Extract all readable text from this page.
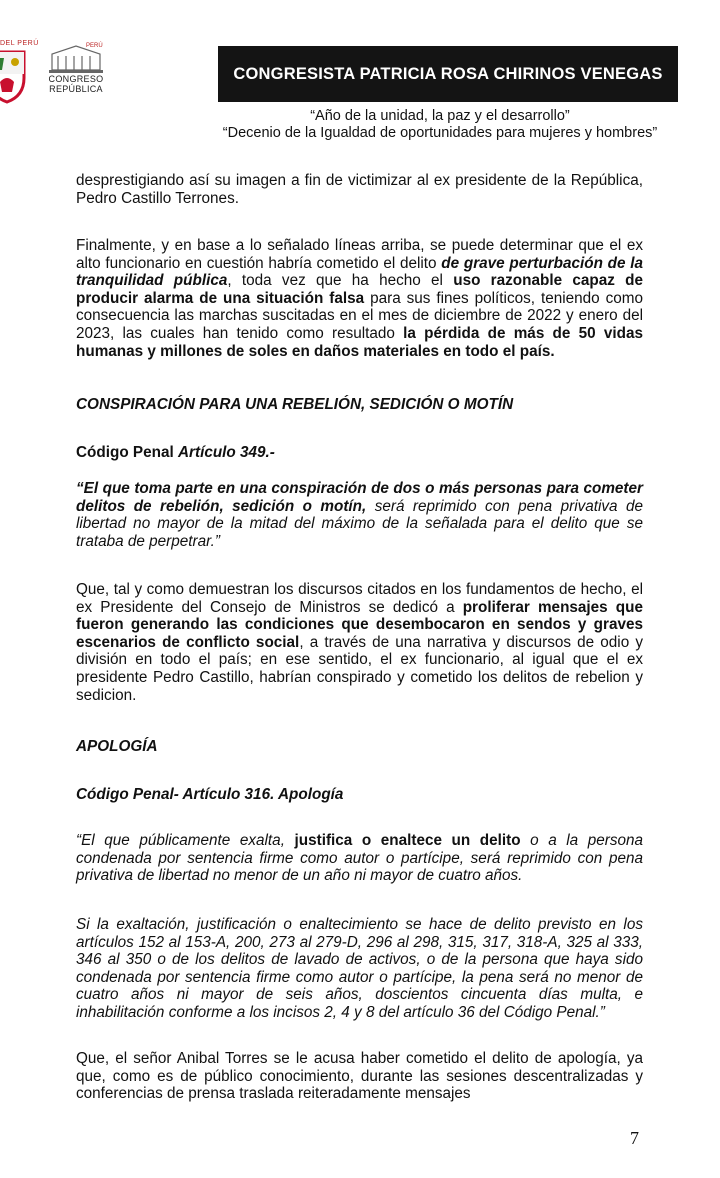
DEL PERÚ	PERÚ
CONGRESO
REPÚBLICA
CONGRESISTA PATRICIA ROSA CHIRINOS VENEGAS
“Año de la unidad, la paz y el desarrollo”
“Decenio de la Igualdad de oportunidades para mujeres y hombres”

desprestigiando así su imagen a fin de victimizar al ex presidente de la República, Pedro Castillo Terrones.

Finalmente, y en base a lo señalado líneas arriba, se puede determinar que el ex alto funcionario en cuestión habría cometido el delito de grave perturbación de la tranquilidad pública, toda vez que ha hecho el uso razonable capaz de producir alarma de una situación falsa para sus fines políticos, teniendo como consecuencia las marchas suscitadas en el mes de diciembre de 2022 y enero del 2023, las cuales han tenido como resultado la pérdida de más de 50 vidas humanas y millones de soles en daños materiales en todo el país.

CONSPIRACIÓN PARA UNA REBELIÓN, SEDICIÓN O MOTÍN

Código Penal Artículo 349.-

“El que toma parte en una conspiración de dos o más personas para cometer delitos de rebelión, sedición o motín, será reprimido con pena privativa de libertad no mayor de la mitad del máximo de la señalada para el delito que se trataba de perpetrar.”

Que, tal y como demuestran los discursos citados en los fundamentos de hecho, el ex Presidente del Consejo de Ministros se dedicó a proliferar mensajes que fueron generando las condiciones que desembocaron en sendos y graves escenarios de conflicto social, a través de una narrativa y discursos de odio y división en todo el país; en ese sentido, el ex funcionario, al igual que el ex presidente Pedro Castillo, habrían conspirado y cometido los delitos de rebelion y sedicion.

APOLOGÍA

Código Penal- Artículo 316. Apología

“El que públicamente exalta, justifica o enaltece un delito o a la persona condenada por sentencia firme como autor o partícipe, será reprimido con pena privativa de libertad no menor de un año ni mayor de cuatro años.

Si la exaltación, justificación o enaltecimiento se hace de delito previsto en los artículos 152 al 153-A, 200, 273 al 279-D, 296 al 298, 315, 317, 318-A, 325 al 333, 346 al 350 o de los delitos de lavado de activos, o de la persona que haya sido condenada por sentencia firme como autor o partícipe, la pena será no menor de cuatro años ni mayor de seis años, doscientos cincuenta días multa, e inhabilitación conforme a los incisos 2, 4 y 8 del artículo 36 del Código Penal.”

Que, el señor Anibal Torres se le acusa haber cometido el delito de apología, ya que, como es de público conocimiento, durante las sesiones descentralizadas y conferencias de prensa traslada reiteradamente mensajes

7
